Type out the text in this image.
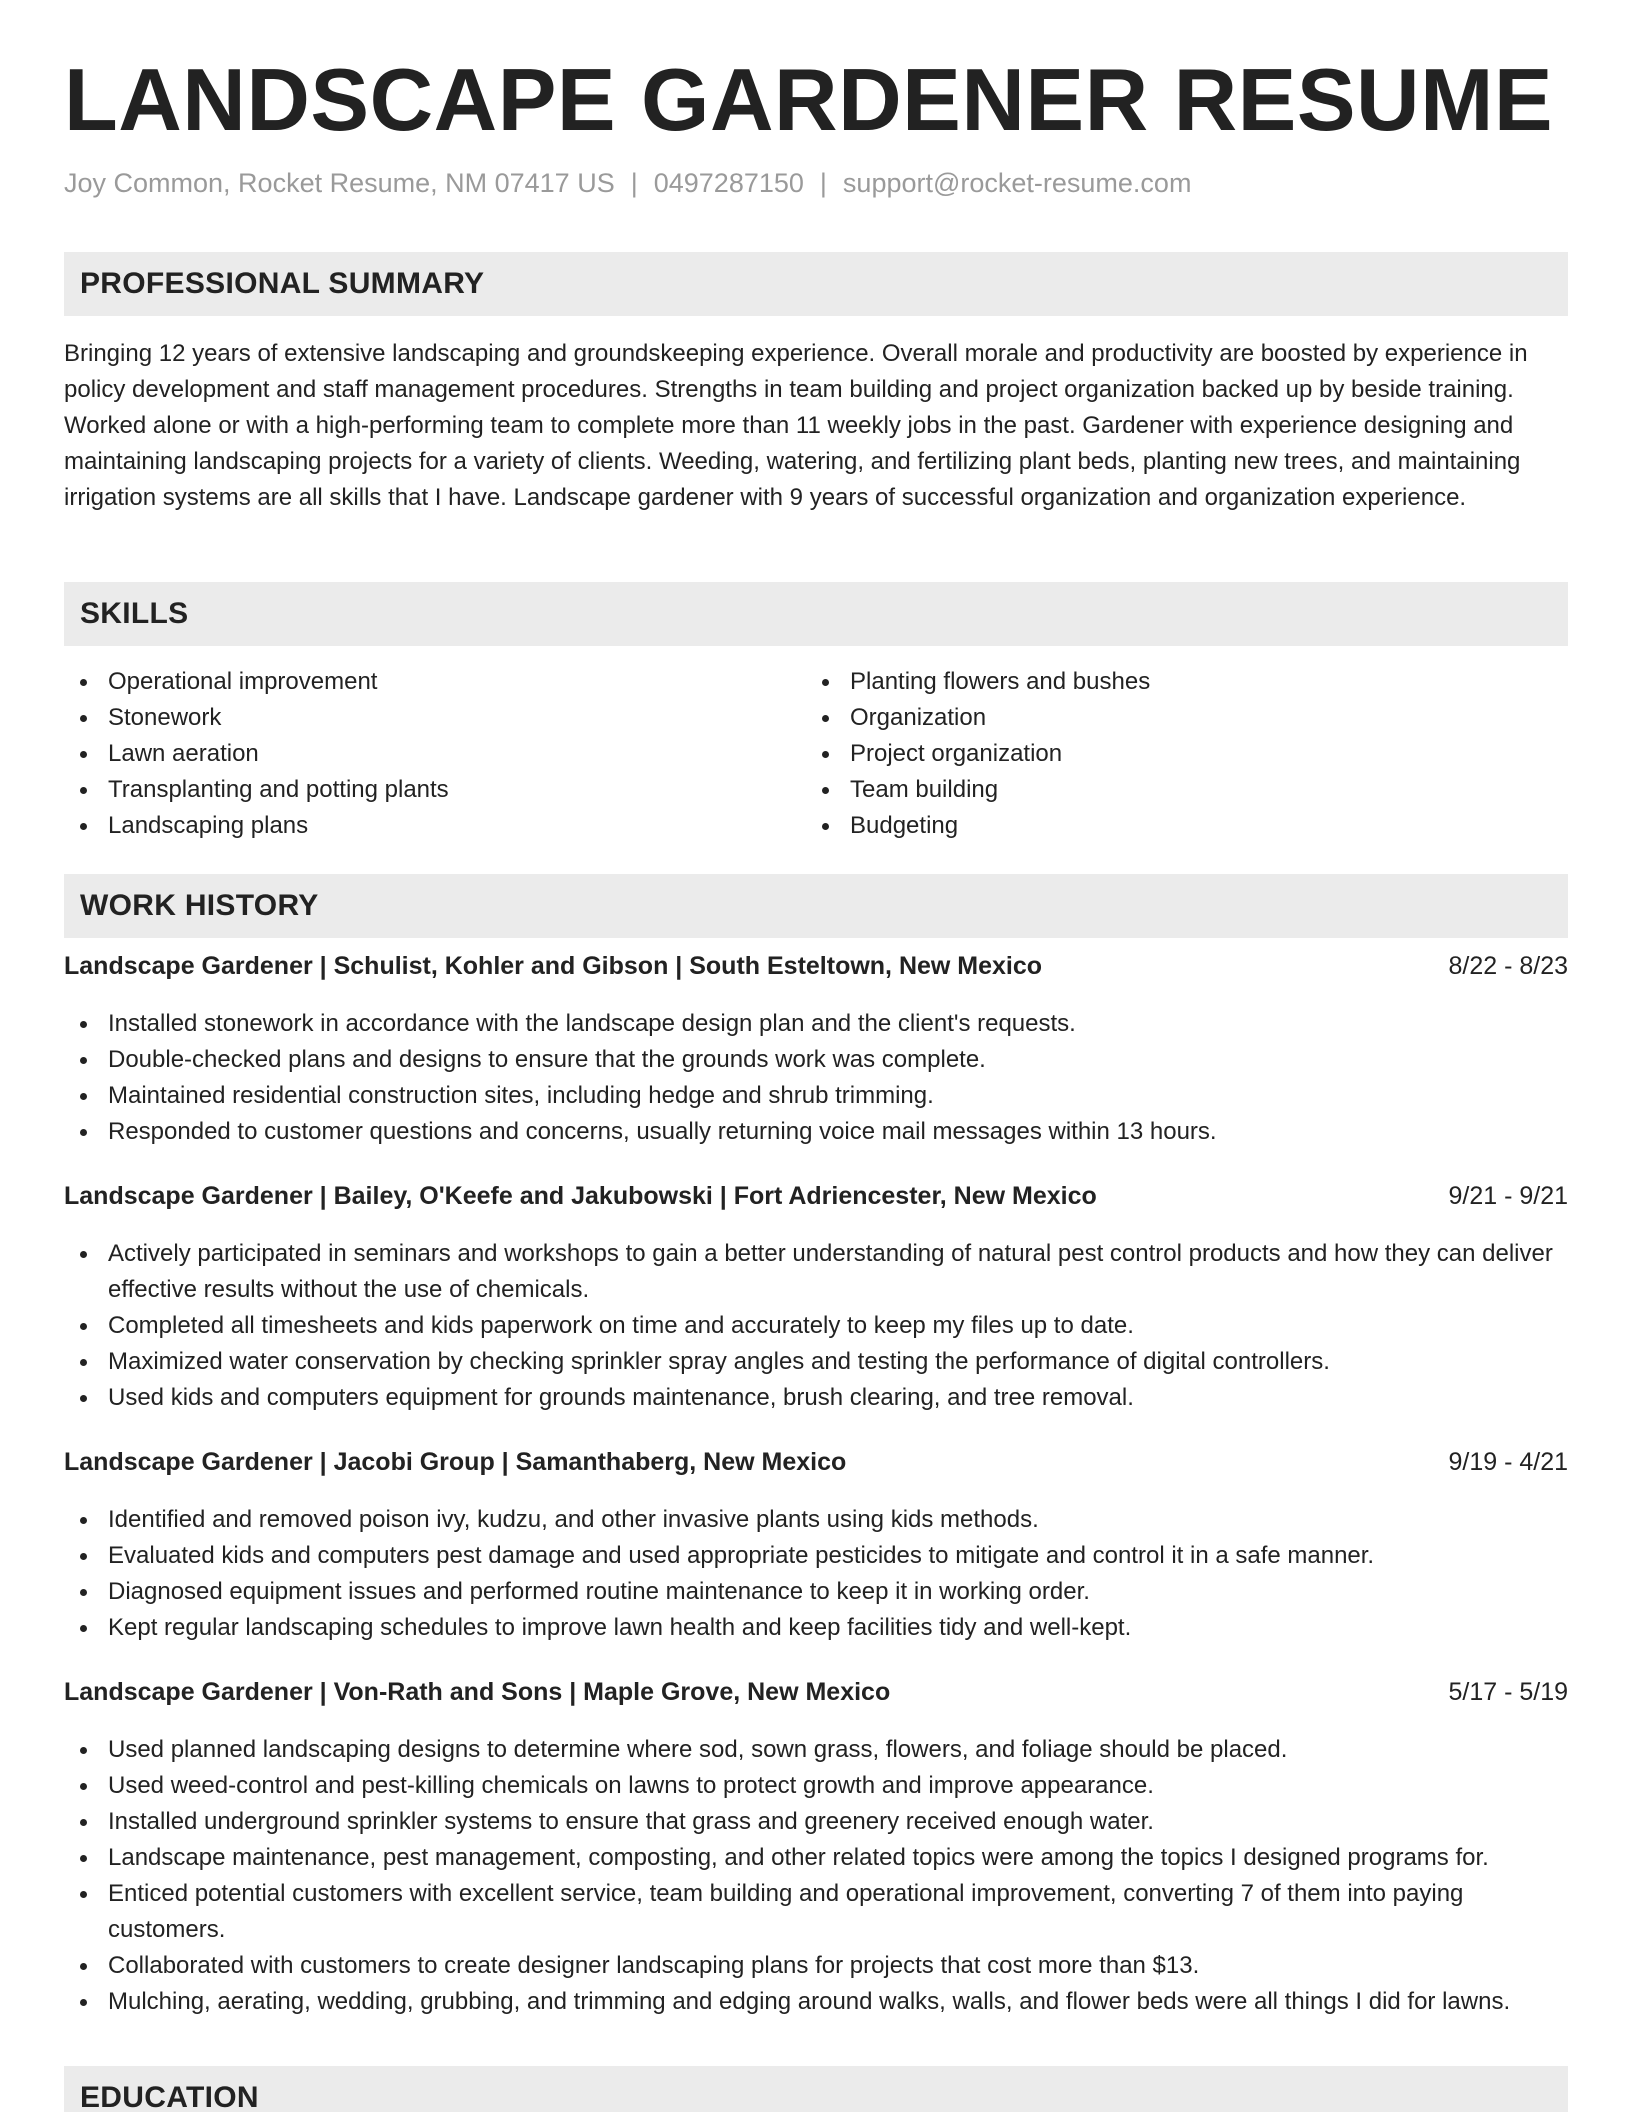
LANDSCAPE GARDENER RESUME
Joy Common, Rocket Resume, NM 07417 US | 0497287150 | support@rocket-resume.com
PROFESSIONAL SUMMARY

Bringing 12 years of extensive landscaping and groundskeeping experience. Overall morale and productivity are boosted by experience in policy development and staff management procedures. Strengths in team building and project organization backed up by beside training. Worked alone or with a high-performing team to complete more than 11 weekly jobs in the past. Gardener with experience designing and maintaining landscaping projects for a variety of clients. Weeding, watering, and fertilizing plant beds, planting new trees, and maintaining irrigation systems are all skills that I have. Landscape gardener with 9 years of successful organization and organization experience.

SKILLS
Operational improvement
Stonework
Lawn aeration
Transplanting and potting plants
Landscaping plans
Planting flowers and bushes
Organization
Project organization
Team building
Budgeting
WORK HISTORY
Landscape Gardener | Schulist, Kohler and Gibson | South Esteltown, New Mexico	8/22 - 8/23
Installed stonework in accordance with the landscape design plan and the client's requests.
Double-checked plans and designs to ensure that the grounds work was complete.
Maintained residential construction sites, including hedge and shrub trimming.
Responded to customer questions and concerns, usually returning voice mail messages within 13 hours.
Landscape Gardener | Bailey, O'Keefe and Jakubowski | Fort Adriencester, New Mexico	9/21 - 9/21
Actively participated in seminars and workshops to gain a better understanding of natural pest control products and how they can deliver effective results without the use of chemicals.
Completed all timesheets and kids paperwork on time and accurately to keep my files up to date.
Maximized water conservation by checking sprinkler spray angles and testing the performance of digital controllers.
Used kids and computers equipment for grounds maintenance, brush clearing, and tree removal.
Landscape Gardener | Jacobi Group | Samanthaberg, New Mexico	9/19 - 4/21
Identified and removed poison ivy, kudzu, and other invasive plants using kids methods.
Evaluated kids and computers pest damage and used appropriate pesticides to mitigate and control it in a safe manner.
Diagnosed equipment issues and performed routine maintenance to keep it in working order.
Kept regular landscaping schedules to improve lawn health and keep facilities tidy and well-kept.
Landscape Gardener | Von-Rath and Sons | Maple Grove, New Mexico	5/17 - 5/19
Used planned landscaping designs to determine where sod, sown grass, flowers, and foliage should be placed.
Used weed-control and pest-killing chemicals on lawns to protect growth and improve appearance.
Installed underground sprinkler systems to ensure that grass and greenery received enough water.
Landscape maintenance, pest management, composting, and other related topics were among the topics I designed programs for.
Enticed potential customers with excellent service, team building and operational improvement, converting 7 of them into paying customers.
Collaborated with customers to create designer landscaping plans for projects that cost more than $13.
Mulching, aerating, wedding, grubbing, and trimming and edging around walks, walls, and flower beds were all things I did for lawns.
EDUCATION
